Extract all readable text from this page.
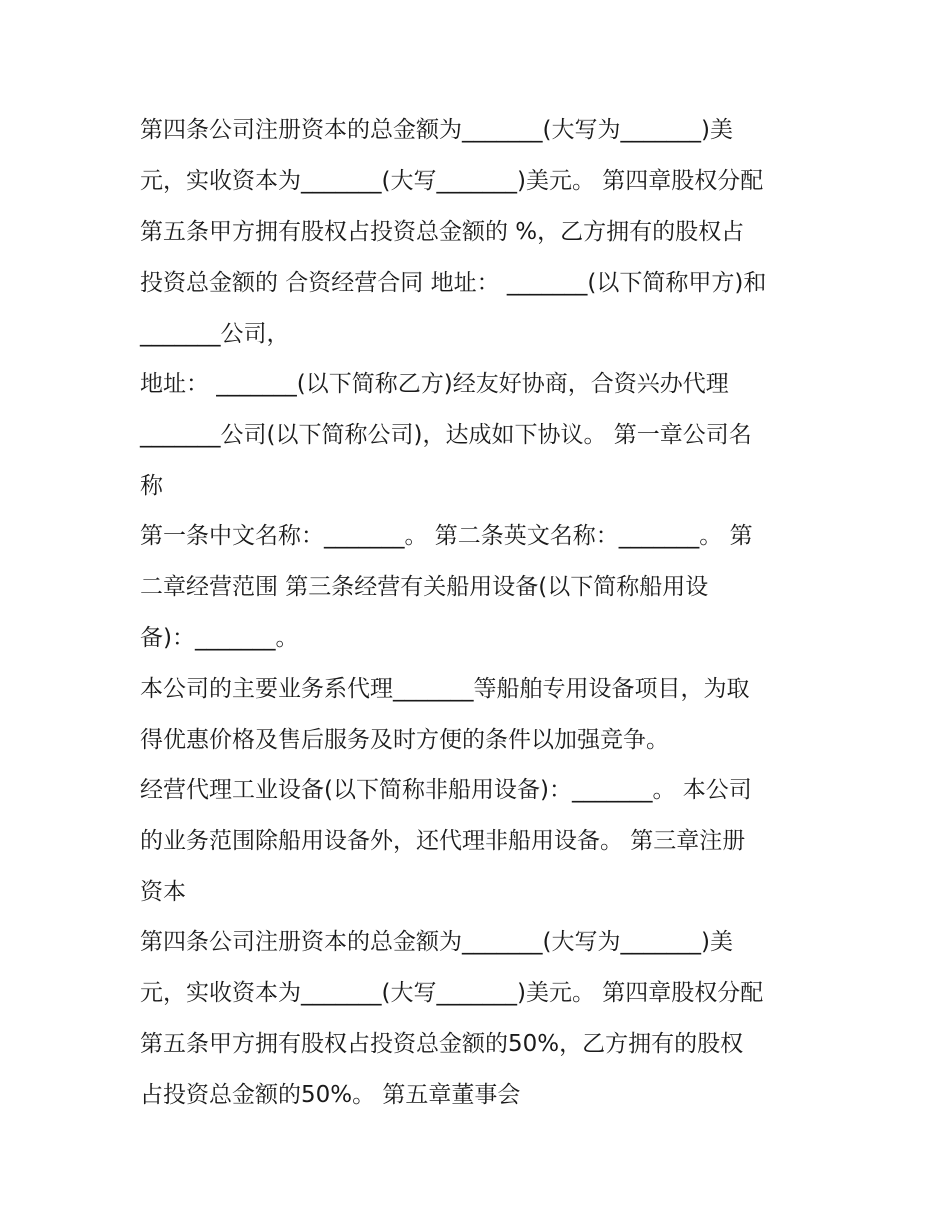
第四条公司注册资本的总金额为_______(大写为_______)美

元，实收资本为_______(大写_______)美元。 第四章股权分配

第五条甲方拥有股权占投资总金额的 %，乙方拥有的股权占

投资总金额的 合资经营合同 地址： _______(以下简称甲方)和

_______公司，

地址： _______(以下简称乙方)经友好协商，合资兴办代理

_______公司(以下简称公司)，达成如下协议。 第一章公司名

称

第一条中文名称：_______。 第二条英文名称：_______。 第

二章经营范围 第三条经营有关船用设备(以下简称船用设

备)：_______。

本公司的主要业务系代理_______等船舶专用设备项目，为取

得优惠价格及售后服务及时方便的条件以加强竞争。

经营代理工业设备(以下简称非船用设备)：_______。 本公司

的业务范围除船用设备外，还代理非船用设备。 第三章注册

资本

第四条公司注册资本的总金额为_______(大写为_______)美

元，实收资本为_______(大写_______)美元。 第四章股权分配

第五条甲方拥有股权占投资总金额的50%，乙方拥有的股权

占投资总金额的50%。 第五章董事会
